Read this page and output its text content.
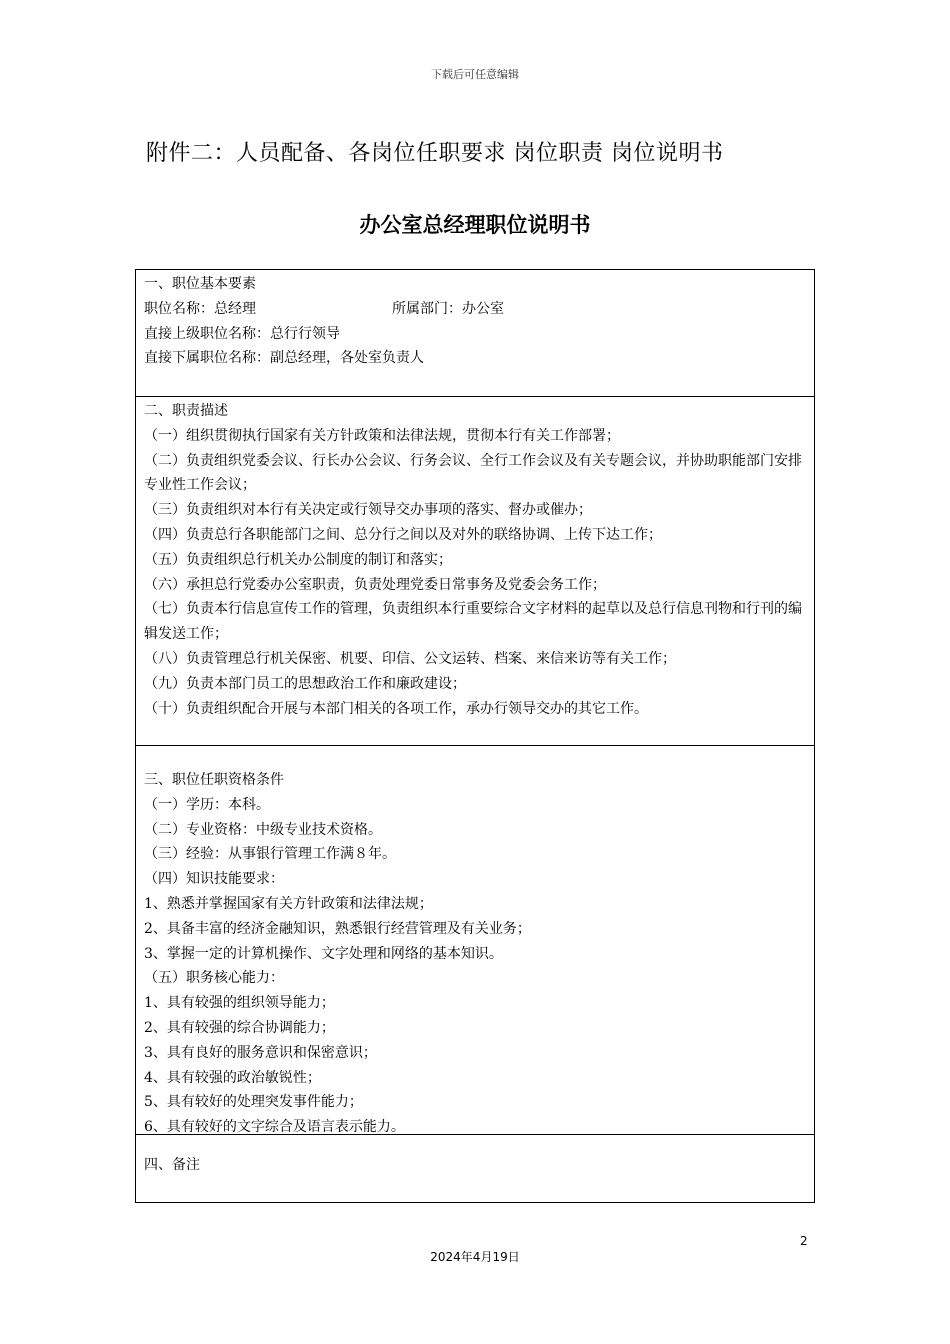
下载后可任意编辑
附件二：人员配备、各岗位任职要求 岗位职责 岗位说明书
办公室总经理职位说明书
一、职位基本要素
职位名称：总经理	所属部门：办公室
直接上级职位名称：总行行领导
直接下属职位名称：副总经理，各处室负责人
二、职责描述
（一）组织贯彻执行国家有关方针政策和法律法规，贯彻本行有关工作部署；
（二）负责组织党委会议、行长办公会议、行务会议、全行工作会议及有关专题会议，并协助职能部门安排专业性工作会议；
（三）负责组织对本行有关决定或行领导交办事项的落实、督办或催办；
（四）负责总行各职能部门之间、总分行之间以及对外的联络协调、上传下达工作；
（五）负责组织总行机关办公制度的制订和落实；
（六）承担总行党委办公室职责，负责处理党委日常事务及党委会务工作；
（七）负责本行信息宣传工作的管理，负责组织本行重要综合文字材料的起草以及总行信息刊物和行刊的编辑发送工作；
（八）负责管理总行机关保密、机要、印信、公文运转、档案、来信来访等有关工作；
（九）负责本部门员工的思想政治工作和廉政建设；
（十）负责组织配合开展与本部门相关的各项工作，承办行领导交办的其它工作。
三、职位任职资格条件
（一）学历：本科。
（二）专业资格：中级专业技术资格。
（三）经验：从事银行管理工作满８年。
（四）知识技能要求：
1、熟悉并掌握国家有关方针政策和法律法规；
2、具备丰富的经济金融知识，熟悉银行经营管理及有关业务；
3、掌握一定的计算机操作、文字处理和网络的基本知识。
（五）职务核心能力：
1、具有较强的组织领导能力；
2、具有较强的综合协调能力；
3、具有良好的服务意识和保密意识；
4、具有较强的政治敏锐性；
5、具有较好的处理突发事件能力；
6、具有较好的文字综合及语言表示能力。
四、备注
2
2024年4月19日
